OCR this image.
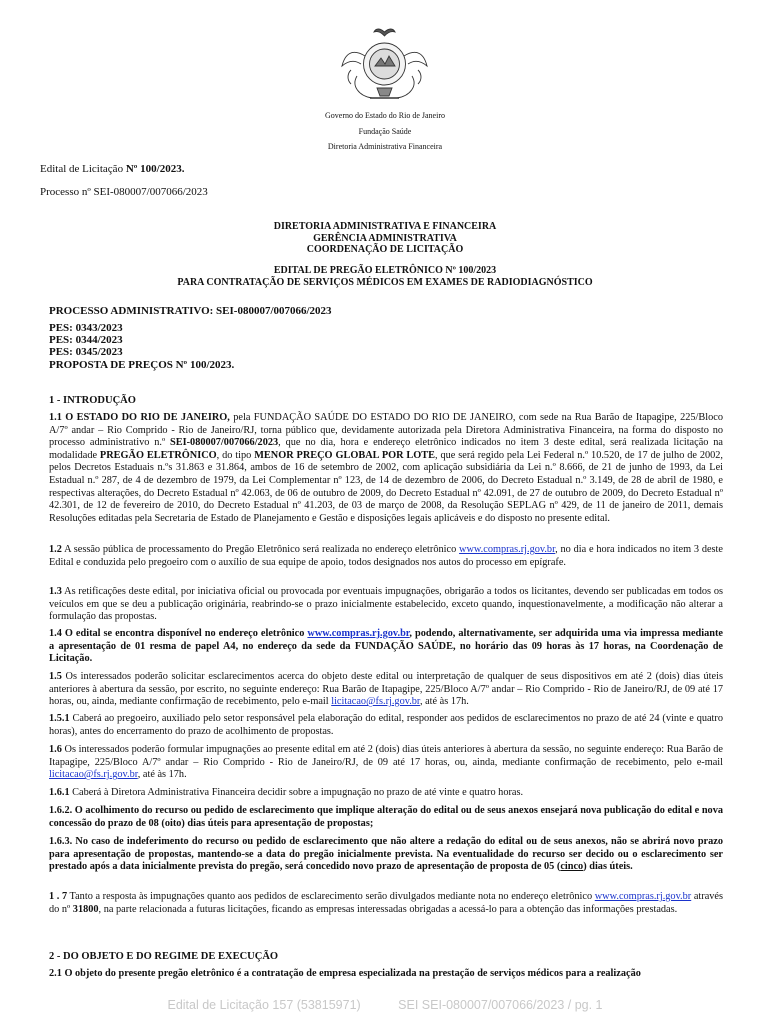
Governo do Estado do Rio de Janeiro
Fundação Saúde
Diretoria Administrativa Financeira
Edital de Licitação Nº 100/2023.
Processo nº SEI-080007/007066/2023
DIRETORIA ADMINISTRATIVA E FINANCEIRA
GERÊNCIA ADMINISTRATIVA
COORDENAÇÃO DE LICITAÇÃO
EDITAL DE PREGÃO ELETRÔNICO Nº 100/2023
PARA CONTRATAÇÃO DE SERVIÇOS MÉDICOS EM EXAMES DE RADIODIAGNÓSTICO
PROCESSO ADMINISTRATIVO: SEI-080007/007066/2023
PES: 0343/2023
PES: 0344/2023
PES: 0345/2023
PROPOSTA DE PREÇOS Nº 100/2023.
1 - INTRODUÇÃO
1.1 O ESTADO DO RIO DE JANEIRO, pela FUNDAÇÃO SAÚDE DO ESTADO DO RIO DE JANEIRO, com sede na Rua Barão de Itapagipe, 225/Bloco A/7º andar – Rio Comprido - Rio de Janeiro/RJ, torna público que, devidamente autorizada pela Diretora Administrativa Financeira, na forma do disposto no processo administrativo n.º SEI-080007/007066/2023, que no dia, hora e endereço eletrônico indicados no item 3 deste edital, será realizada licitação na modalidade PREGÃO ELETRÔNICO, do tipo MENOR PREÇO GLOBAL POR LOTE, que será regido pela Lei Federal n.º 10.520, de 17 de julho de 2002, pelos Decretos Estaduais n.ºs 31.863 e 31.864, ambos de 16 de setembro de 2002, com aplicação subsidiária da Lei n.º 8.666, de 21 de junho de 1993, da Lei Estadual n.º 287, de 4 de dezembro de 1979, da Lei Complementar nº 123, de 14 de dezembro de 2006, do Decreto Estadual n.º 3.149, de 28 de abril de 1980, e respectivas alterações, do Decreto Estadual nº 42.063, de 06 de outubro de 2009, do Decreto Estadual nº 42.091, de 27 de outubro de 2009, do Decreto Estadual nº 42.301, de 12 de fevereiro de 2010, do Decreto Estadual nº 41.203, de 03 de março de 2008, da Resolução SEPLAG nº 429, de 11 de janeiro de 2011, demais Resoluções editadas pela Secretaria de Estado de Planejamento e Gestão e disposições legais aplicáveis e do disposto no presente edital.
1.2 A sessão pública de processamento do Pregão Eletrônico será realizada no endereço eletrônico www.compras.rj.gov.br, no dia e hora indicados no item 3 deste Edital e conduzida pelo pregoeiro com o auxílio de sua equipe de apoio, todos designados nos autos do processo em epígrafe.
1.3 As retificações deste edital, por iniciativa oficial ou provocada por eventuais impugnações, obrigarão a todos os licitantes, devendo ser publicadas em todos os veículos em que se deu a publicação originária, reabrindo-se o prazo inicialmente estabelecido, exceto quando, inquestionavelmente, a modificação não alterar a formulação das propostas.
1.4 O edital se encontra disponível no endereço eletrônico www.compras.rj.gov.br, podendo, alternativamente, ser adquirida uma via impressa mediante a apresentação de 01 resma de papel A4, no endereço da sede da FUNDAÇÃO SAÚDE, no horário das 09 horas às 17 horas, na Coordenação de Licitação.
1.5 Os interessados poderão solicitar esclarecimentos acerca do objeto deste edital ou interpretação de qualquer de seus dispositivos em até 2 (dois) dias úteis anteriores à abertura da sessão, por escrito, no seguinte endereço: Rua Barão de Itapagipe, 225/Bloco A/7º andar – Rio Comprido - Rio de Janeiro/RJ, de 09 até 17 horas, ou, ainda, mediante confirmação de recebimento, pelo e-mail licitacao@fs.rj.gov.br, até às 17h.
1.5.1 Caberá ao pregoeiro, auxiliado pelo setor responsável pela elaboração do edital, responder aos pedidos de esclarecimentos no prazo de até 24 (vinte e quatro horas), antes do encerramento do prazo de acolhimento de propostas.
1.6 Os interessados poderão formular impugnações ao presente edital em até 2 (dois) dias úteis anteriores à abertura da sessão, no seguinte endereço: Rua Barão de Itapagipe, 225/Bloco A/7º andar – Rio Comprido - Rio de Janeiro/RJ, de 09 até 17 horas, ou, ainda, mediante confirmação de recebimento, pelo e-mail licitacao@fs.rj.gov.br, até às 17h.
1.6.1 Caberá à Diretora Administrativa Financeira decidir sobre a impugnação no prazo de até vinte e quatro horas.
1.6.2. O acolhimento do recurso ou pedido de esclarecimento que implique alteração do edital ou de seus anexos ensejará nova publicação do edital e nova concessão do prazo de 08 (oito) dias úteis para apresentação de propostas;
1.6.3. No caso de indeferimento do recurso ou pedido de esclarecimento que não altere a redação do edital ou de seus anexos, não se abrirá novo prazo para apresentação de propostas, mantendo-se a data do pregão inicialmente prevista. Na eventualidade do recurso ser decido ou o esclarecimento ser prestado após a data inicialmente prevista do pregão, será concedido novo prazo de apresentação de proposta de 05 (cinco) dias úteis.
1 . 7 Tanto a resposta às impugnações quanto aos pedidos de esclarecimento serão divulgados mediante nota no endereço eletrônico www.compras.rj.gov.br através do nº 31800, na parte relacionada a futuras licitações, ficando as empresas interessadas obrigadas a acessá-lo para a obtenção das informações prestadas.
2 - DO OBJETO E DO REGIME DE EXECUÇÃO
2.1 O objeto do presente pregão eletrônico é a contratação de empresa especializada na prestação de serviços médicos para a realização
Edital de Licitação 157 (53815971)	SEI SEI-080007/007066/2023 / pg. 1
